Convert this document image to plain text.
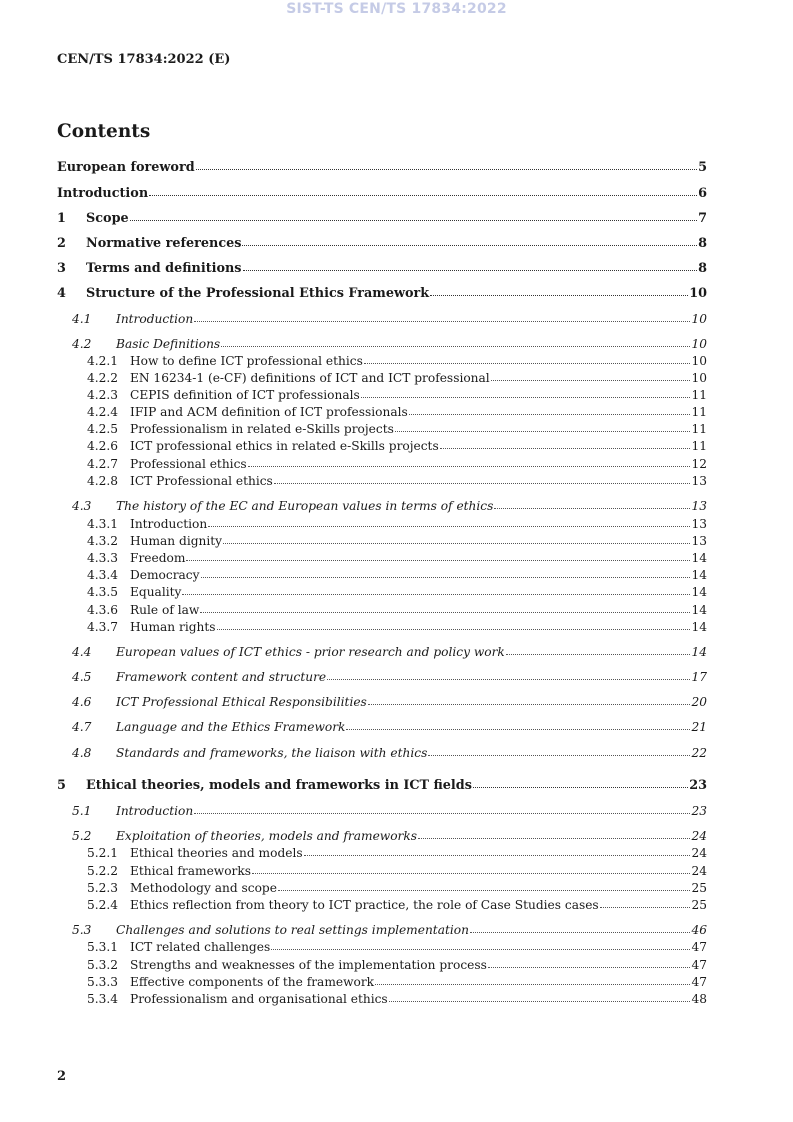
SIST-TS CEN/TS 17834:2022
CEN/TS 17834:2022 (E)
Contents
European foreword	5
Introduction	6
1	Scope	7
2	Normative references	8
3	Terms and definitions	8
4	Structure of the Professional Ethics Framework	10
4.1	Introduction	10
4.2	Basic Definitions	10
4.2.1 How to define ICT professional ethics	10
4.2.2 EN 16234-1 (e-CF) definitions of ICT and ICT professional	10
4.2.3 CEPIS definition of ICT professionals	11
4.2.4 IFIP and ACM definition of ICT professionals	11
4.2.5 Professionalism in related e-Skills projects	11
4.2.6 ICT professional ethics in related e-Skills projects	11
4.2.7 Professional ethics	12
4.2.8 ICT Professional ethics	13
4.3	The history of the EC and European values in terms of ethics	13
4.3.1 Introduction	13
4.3.2 Human dignity	13
4.3.3 Freedom	14
4.3.4 Democracy	14
4.3.5 Equality	14
4.3.6 Rule of law	14
4.3.7 Human rights	14
4.4	European values of ICT ethics - prior research and policy work	14
4.5	Framework content and structure	17
4.6	ICT Professional Ethical Responsibilities	20
4.7	Language and the Ethics Framework	21
4.8	Standards and frameworks, the liaison with ethics	22
5	Ethical theories, models and frameworks in ICT fields	23
5.1	Introduction	23
5.2	Exploitation of theories, models and frameworks	24
5.2.1 Ethical theories and models	24
5.2.2 Ethical frameworks	24
5.2.3 Methodology and scope	25
5.2.4 Ethics reflection from theory to ICT practice, the role of Case Studies cases	25
5.3	Challenges and solutions to real settings implementation	46
5.3.1 ICT related challenges	47
5.3.2 Strengths and weaknesses of the implementation process	47
5.3.3 Effective components of the framework	47
5.3.4 Professionalism and organisational ethics	48
2
